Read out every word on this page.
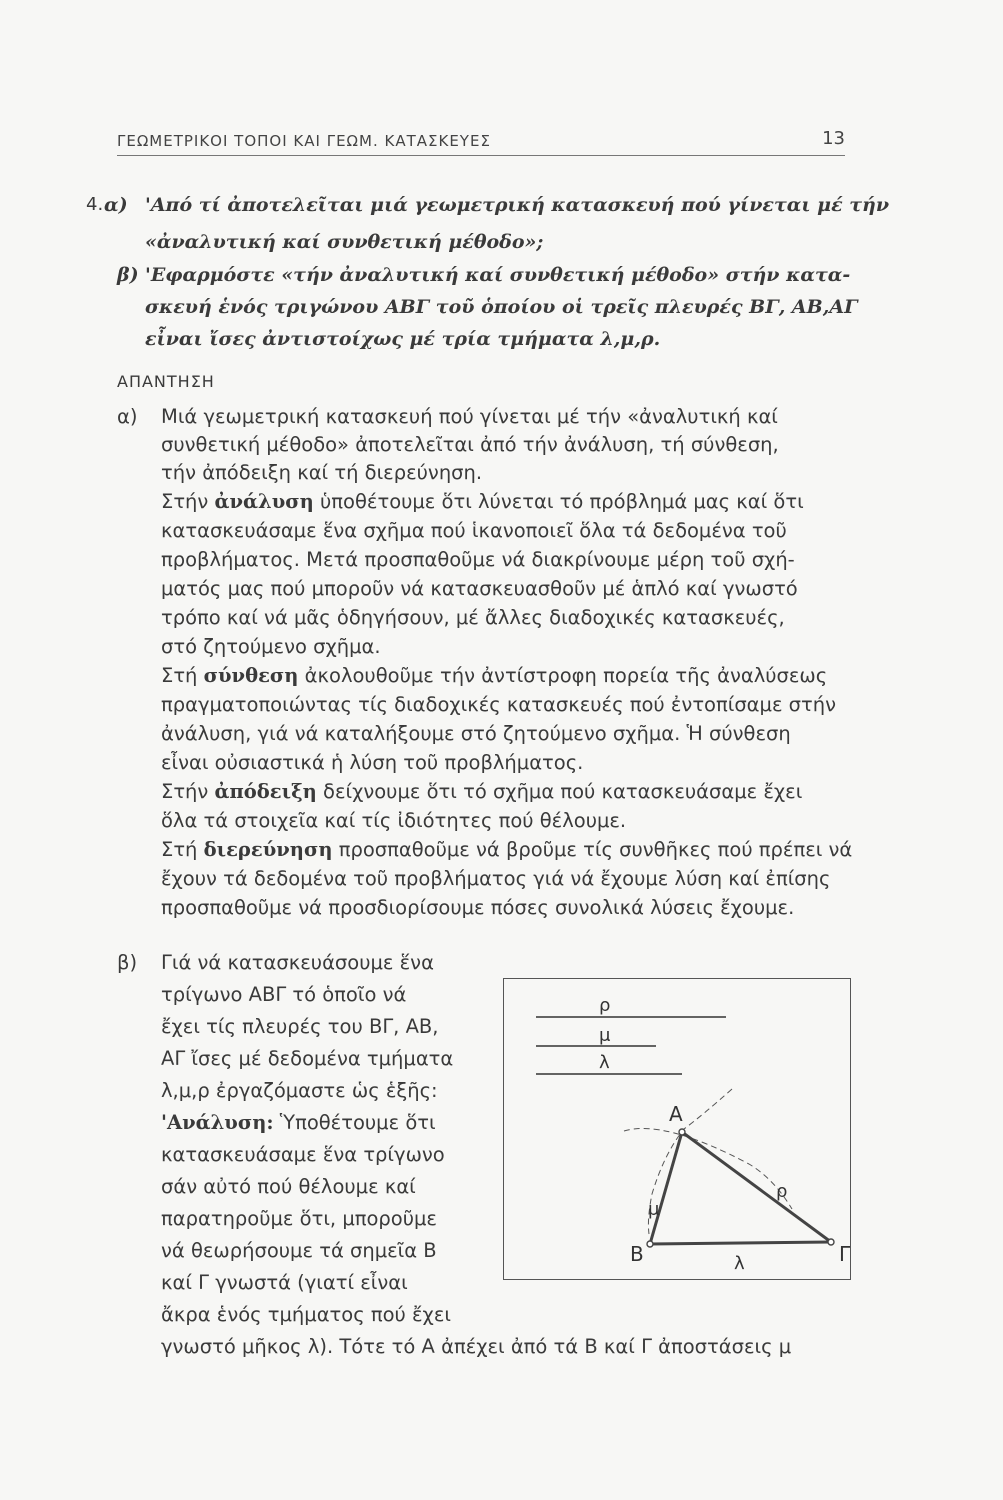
ΓΕΩΜΕΤΡΙΚΟΙ ΤΟΠΟΙ ΚΑΙ ΓΕΩΜ. ΚΑΤΑΣΚΕΥΕΣ	13
4. α) 'Από τί ἀποτελεῖται μιά γεωμετρική κατασκευή πού γίνεται μέ τήν
«ἀναλυτική καί συνθετική μέθοδο»;
β) 'Εφαρμόστε «τήν ἀναλυτική καί συνθετική μέθοδο» στήν κατα-
σκευή ἑνός τριγώνου ΑΒΓ τοῦ ὁποίου οἱ τρεῖς πλευρές ΒΓ, ΑΒ,ΑΓ
εἶναι ἴσες ἀντιστοίχως μέ τρία τμήματα λ,μ,ρ.
ΑΠΑΝΤΗΣΗ
α) Μιά γεωμετρική κατασκευή πού γίνεται μέ τήν «ἀναλυτική καί
συνθετική μέθοδο» ἀποτελεῖται ἀπό τήν ἀνάλυση, τή σύνθεση,
τήν ἀπόδειξη καί τή διερεύνηση.
Στήν ἀνάλυση ὑποθέτουμε ὅτι λύνεται τό πρόβλημά μας καί ὅτι
κατασκευάσαμε ἕνα σχῆμα πού ἱκανοποιεῖ ὅλα τά δεδομένα τοῦ
προβλήματος. Μετά προσπαθοῦμε νά διακρίνουμε μέρη τοῦ σχή-
ματός μας πού μποροῦν νά κατασκευασθοῦν μέ ἁπλό καί γνωστό
τρόπο καί νά μᾶς ὁδηγήσουν, μέ ἄλλες διαδοχικές κατασκευές,
στό ζητούμενο σχῆμα.
Στή σύνθεση ἀκολουθοῦμε τήν ἀντίστροφη πορεία τῆς ἀναλύσεως
πραγματοποιώντας τίς διαδοχικές κατασκευές πού ἐντοπίσαμε στήν
ἀνάλυση, γιά νά καταλήξουμε στό ζητούμενο σχῆμα. Ἡ σύνθεση
εἶναι οὐσιαστικά ἡ λύση τοῦ προβλήματος.
Στήν ἀπόδειξη δείχνουμε ὅτι τό σχῆμα πού κατασκευάσαμε ἔχει
ὅλα τά στοιχεῖα καί τίς ἰδιότητες πού θέλουμε.
Στή διερεύνηση προσπαθοῦμε νά βροῦμε τίς συνθῆκες πού πρέπει νά
ἔχουν τά δεδομένα τοῦ προβλήματος γιά νά ἔχουμε λύση καί ἐπίσης
προσπαθοῦμε νά προσδιορίσουμε πόσες συνολικά λύσεις ἔχουμε.
β) Γιά νά κατασκευάσουμε ἕνα
τρίγωνο ΑΒΓ τό ὁποῖο νά
ἔχει τίς πλευρές του ΒΓ, ΑΒ,
ΑΓ ἴσες μέ δεδομένα τμήματα
λ,μ,ρ ἐργαζόμαστε ὡς ἑξῆς:
'Ανάλυση: Ὑποθέτουμε ὅτι
κατασκευάσαμε ἕνα τρίγωνο
σάν αὐτό πού θέλουμε καί
παρατηροῦμε ὅτι, μποροῦμε
νά θεωρήσουμε τά σημεῖα Β
καί Γ γνωστά (γιατί εἶναι
ἄκρα ἑνός τμήματος πού ἔχει
γνωστό μῆκος λ). Τότε τό Α ἀπέχει ἀπό τά Β καί Γ ἀποστάσεις μ
ρ
μ
λ
Α
Β	Γ
μ
ρ
λ
